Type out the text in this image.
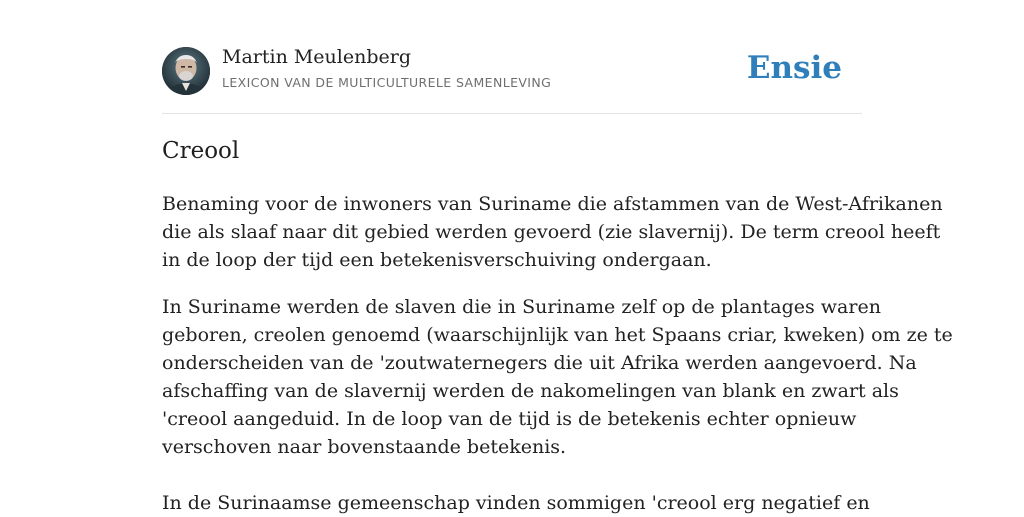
Martin Meulenberg
LEXICON VAN DE MULTICULTURELE SAMENLEVING	Ensie
Creool

Benaming voor de inwoners van Suriname die afstammen van de West-Afrikanen
die als slaaf naar dit gebied werden gevoerd (zie slavernij). De term creool heeft
in de loop der tijd een betekenisverschuiving ondergaan.

In Suriname werden de slaven die in Suriname zelf op de plantages waren
geboren, creolen genoemd (waarschijnlijk van het Spaans criar, kweken) om ze te
onderscheiden van de 'zoutwaternegers die uit Afrika werden aangevoerd. Na
afschaffing van de slavernij werden de nakomelingen van blank en zwart als
'creool aangeduid. In de loop van de tijd is de betekenis echter opnieuw
verschoven naar bovenstaande betekenis.

In de Surinaamse gemeenschap vinden sommigen 'creool erg negatief en
